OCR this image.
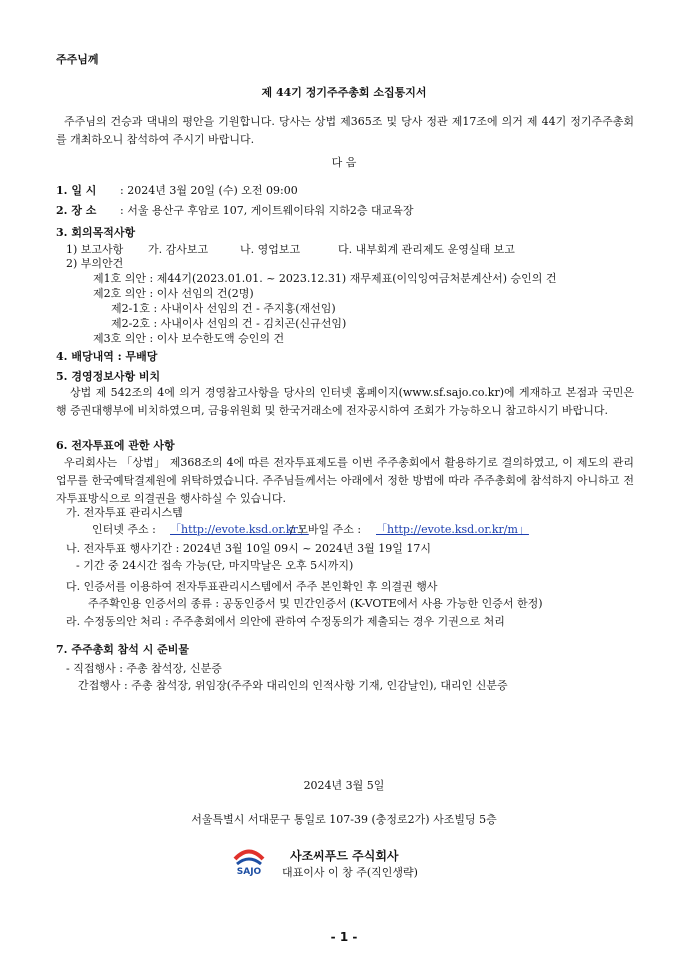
주주님께
제 44기 정기주주총회 소집통지서
주주님의 건승과 댁내의 평안을 기원합니다. 당사는 상법 제365조 및 당사 정관 제17조에 의거 제 44기 정기주주총회를 개최하오니 참석하여 주시기 바랍니다.
다 음
1. 일 시 : 2024년 3월 20일 (수) 오전 09:00
2. 장 소 : 서울 용산구 후암로 107, 게이트웨이타워 지하2층 대교육장
3. 회의목적사항
1) 보고사항 가. 감사보고	나. 영업보고	다. 내부회계 관리제도 운영실태 보고
2) 부의안건
제1호 의안 : 제44기(2023.01.01. ~ 2023.12.31) 재무제표(이익잉여금처분계산서) 승인의 건
제2호 의안 : 이사 선임의 건(2명)
제2-1호 : 사내이사 선임의 건 - 주지홍(재선임)
제2-2호 : 사내이사 선임의 건 - 김치곤(신규선임)
제3호 의안 : 이사 보수한도액 승인의 건
4. 배당내역 : 무배당
5. 경영정보사항 비치
상법 제 542조의 4에 의거 경영참고사항을 당사의 인터넷 홈페이지(www.sf.sajo.co.kr)에 게재하고 본점과 국민은행 증권대행부에 비치하였으며, 금융위원회 및 한국거래소에 전자공시하여 조회가 가능하오니 참고하시기 바랍니다.
6. 전자투표에 관한 사항
우리회사는 「상법」 제368조의 4에 따른 전자투표제도를 이번 주주총회에서 활용하기로 결의하였고, 이 제도의 관리업무를 한국예탁결제원에 위탁하였습니다. 주주님들께서는 아래에서 정한 방법에 따라 주주총회에 참석하지 아니하고 전자투표방식으로 의결권을 행사하실 수 있습니다.
가. 전자투표 관리시스템
인터넷 주소 : 「http://evote.ksd.or.kr」
/ 모바일 주소 : 「http://evote.ksd.or.kr/m」
나. 전자투표 행사기간 : 2024년 3월 10일 09시 ~ 2024년 3월 19일 17시
- 기간 중 24시간 접속 가능(단, 마지막날은 오후 5시까지)
다. 인증서를 이용하여 전자투표관리시스템에서 주주 본인확인 후 의결권 행사
주주확인용 인증서의 종류 : 공동인증서 및 민간인증서 (K-VOTE에서 사용 가능한 인증서 한정)
라. 수정동의안 처리 : 주주총회에서 의안에 관하여 수정동의가 제출되는 경우 기권으로 처리
7. 주주총회 참석 시 준비물
- 직접행사 : 주총 참석장, 신분증
간접행사 : 주총 참석장, 위임장(주주와 대리인의 인적사항 기재, 인감날인), 대리인 신분증
2024년 3월 5일
서울특별시 서대문구 통일로 107-39 (충정로2가) 사조빌딩 5층
SAJO
사조씨푸드 주식회사
대표이사 이 창 주(직인생략)
- 1 -
